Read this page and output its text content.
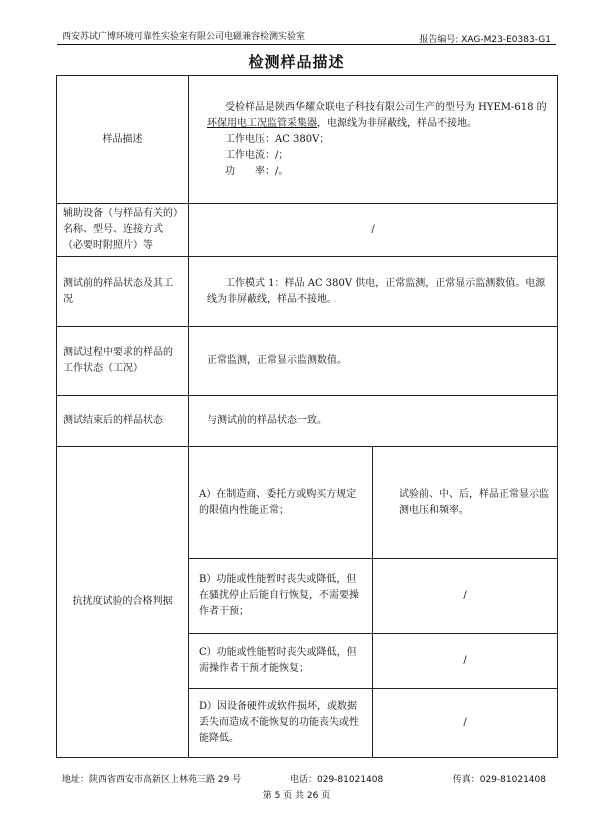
西安苏试广博环境可靠性实验室有限公司电磁兼容检测实验室	报告编号: XAG-M23-E0383-G1
检测样品描述
样品描述	受检样品是陕西华耀众联电子科技有限公司生产的型号为 HYEM-618 的环保用电工况监管采集器，电源线为非屏蔽线，样品不接地。
工作电压：AC 380V；
工作电流：/；
功　　率：/。	

辅助设备（与样品有关的）名称、型号、连接方式（必要时附照片）等	/	
测试前的样品状态及其工况	工作模式 1：样品 AC 380V 供电，正常监测，正常显示监测数值。电源线为非屏蔽线，样品不接地。	

测试过程中要求的样品的工作状态（工况）	正常监测，正常显示监测数值。	
测试结束后的样品状态	与测试前的样品状态一致。	
抗扰度试验的合格判据	A）在制造商、委托方或购买方规定的限值内性能正常；	试验前、中、后，样品正常显示监测电压和频率。
	B）功能或性能暂时丧失或降低，但在骚扰停止后能自行恢复，不需要操作者干预；	/
	C）功能或性能暂时丧失或降低，但需操作者干预才能恢复；	/
	D）因设备硬件或软件损坏，或数据丢失而造成不能恢复的功能丧失或性能降低。	/
地址：陕西省西安市高新区上林苑三路 29 号	电话：029-81021408	传真：029-81021408
第 5 页 共 26 页
